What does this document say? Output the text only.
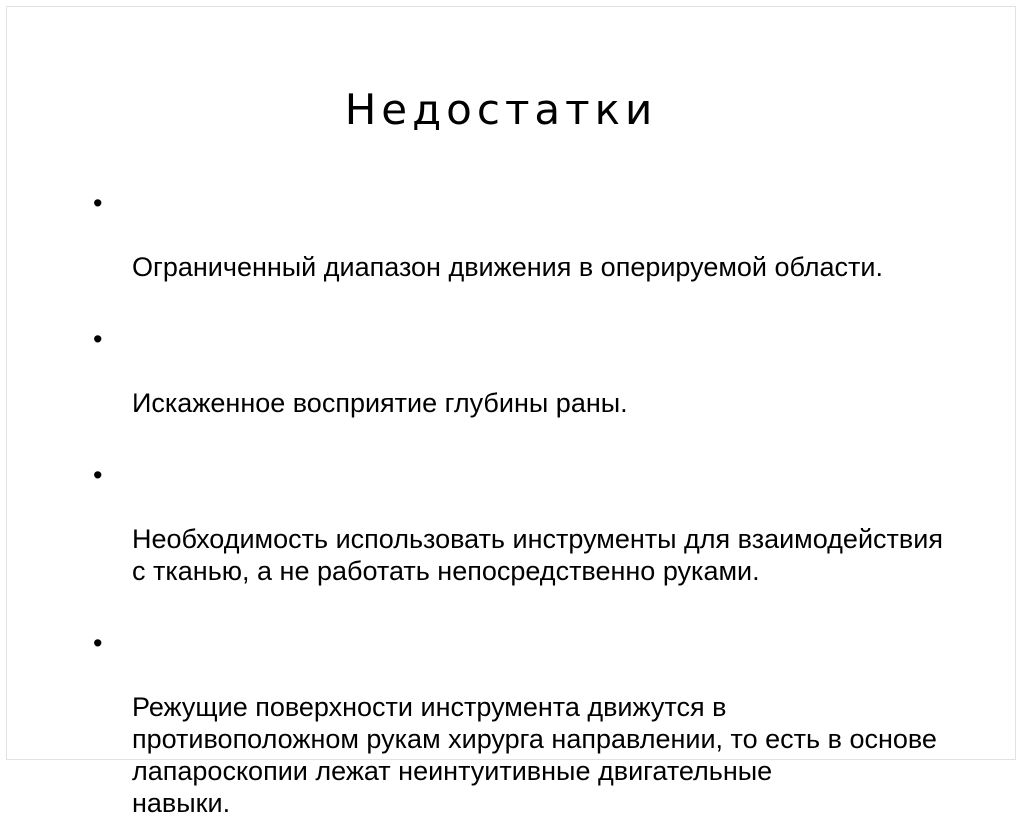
Недостатки

•

Ограниченный диапазон движения в оперируемой области.

•

Искаженное восприятие глубины раны.

•

Необходимость использовать инструменты для взаимодействия
с тканью, а не работать непосредственно руками.

•

Режущие поверхности инструмента движутся в
противоположном рукам хирурга направлении, то есть в основе
лапароскопии лежат неинтуитивные двигательные
навыки.
